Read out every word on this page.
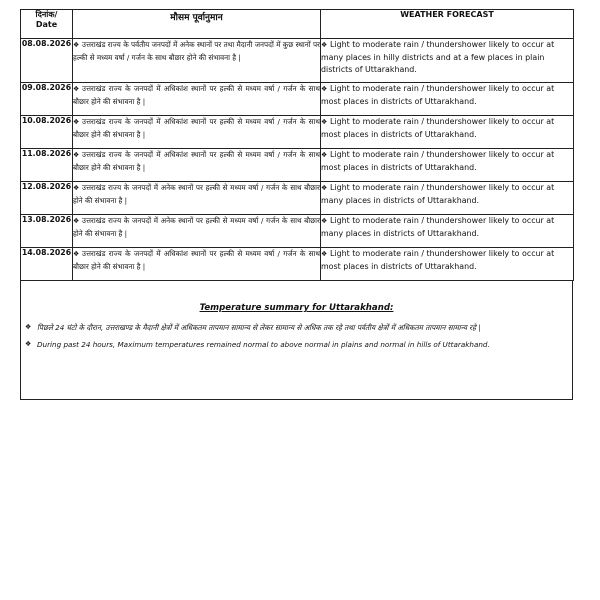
दिनांक/
Date	मौसम पूर्वानुमान	WEATHER FORECAST
08.08.2026	❖ उत्तराखंड राज्य के पर्वतीय जनपदों में अनेक स्थानों पर तथा मैदानी जनपदों में कुछ स्थानों पर हल्की से मध्यम वर्षा / गर्जन के साथ बौछार होने की संभावना है |	❖ Light to moderate rain / thundershower likely to occur at many places in hilly districts and at a few places in plain districts of Uttarakhand.
09.08.2026	❖ उत्तराखंड राज्य के जनपदों में अधिकांश स्थानों पर हल्की से मध्यम वर्षा / गर्जन के साथ बौछार होने की संभावना है |	❖ Light to moderate rain / thundershower likely to occur at most places in districts of Uttarakhand.
10.08.2026	❖ उत्तराखंड राज्य के जनपदों में अधिकांश स्थानों पर हल्की से मध्यम वर्षा / गर्जन के साथ बौछार होने की संभावना है |	❖ Light to moderate rain / thundershower likely to occur at most places in districts of Uttarakhand.
11.08.2026	❖ उत्तराखंड राज्य के जनपदों में अधिकांश स्थानों पर हल्की से मध्यम वर्षा / गर्जन के साथ बौछार होने की संभावना है |	❖ Light to moderate rain / thundershower likely to occur at most places in districts of Uttarakhand.
12.08.2026	❖ उत्तराखंड राज्य के जनपदों में अनेक स्थानों पर हल्की से मध्यम वर्षा / गर्जन के साथ बौछार होने की संभावना है |	❖ Light to moderate rain / thundershower likely to occur at many places in districts of Uttarakhand.
13.08.2026	❖ उत्तराखंड राज्य के जनपदों में अनेक स्थानों पर हल्की से मध्यम वर्षा / गर्जन के साथ बौछार होने की संभावना है |	❖ Light to moderate rain / thundershower likely to occur at many places in districts of Uttarakhand.
14.08.2026	❖ उत्तराखंड राज्य के जनपदों में अधिकांश स्थानों पर हल्की से मध्यम वर्षा / गर्जन के साथ बौछार होने की संभावना है |	❖ Light to moderate rain / thundershower likely to occur at most places in districts of Uttarakhand.
Temperature summary for Uttarakhand:
❖ पिछले 24 घंटो के दौरान, उत्तराखण्ड के मैदानी क्षेत्रों में अधिकतम तापमान सामान्य से लेकर सामान्य से अधिक तक रहे तथा पर्वतीय क्षेत्रों में अधिकतम तापमान सामान्य रहे |
❖ During past 24 hours, Maximum temperatures remained normal to above normal in plains and normal in hills of Uttarakhand.
